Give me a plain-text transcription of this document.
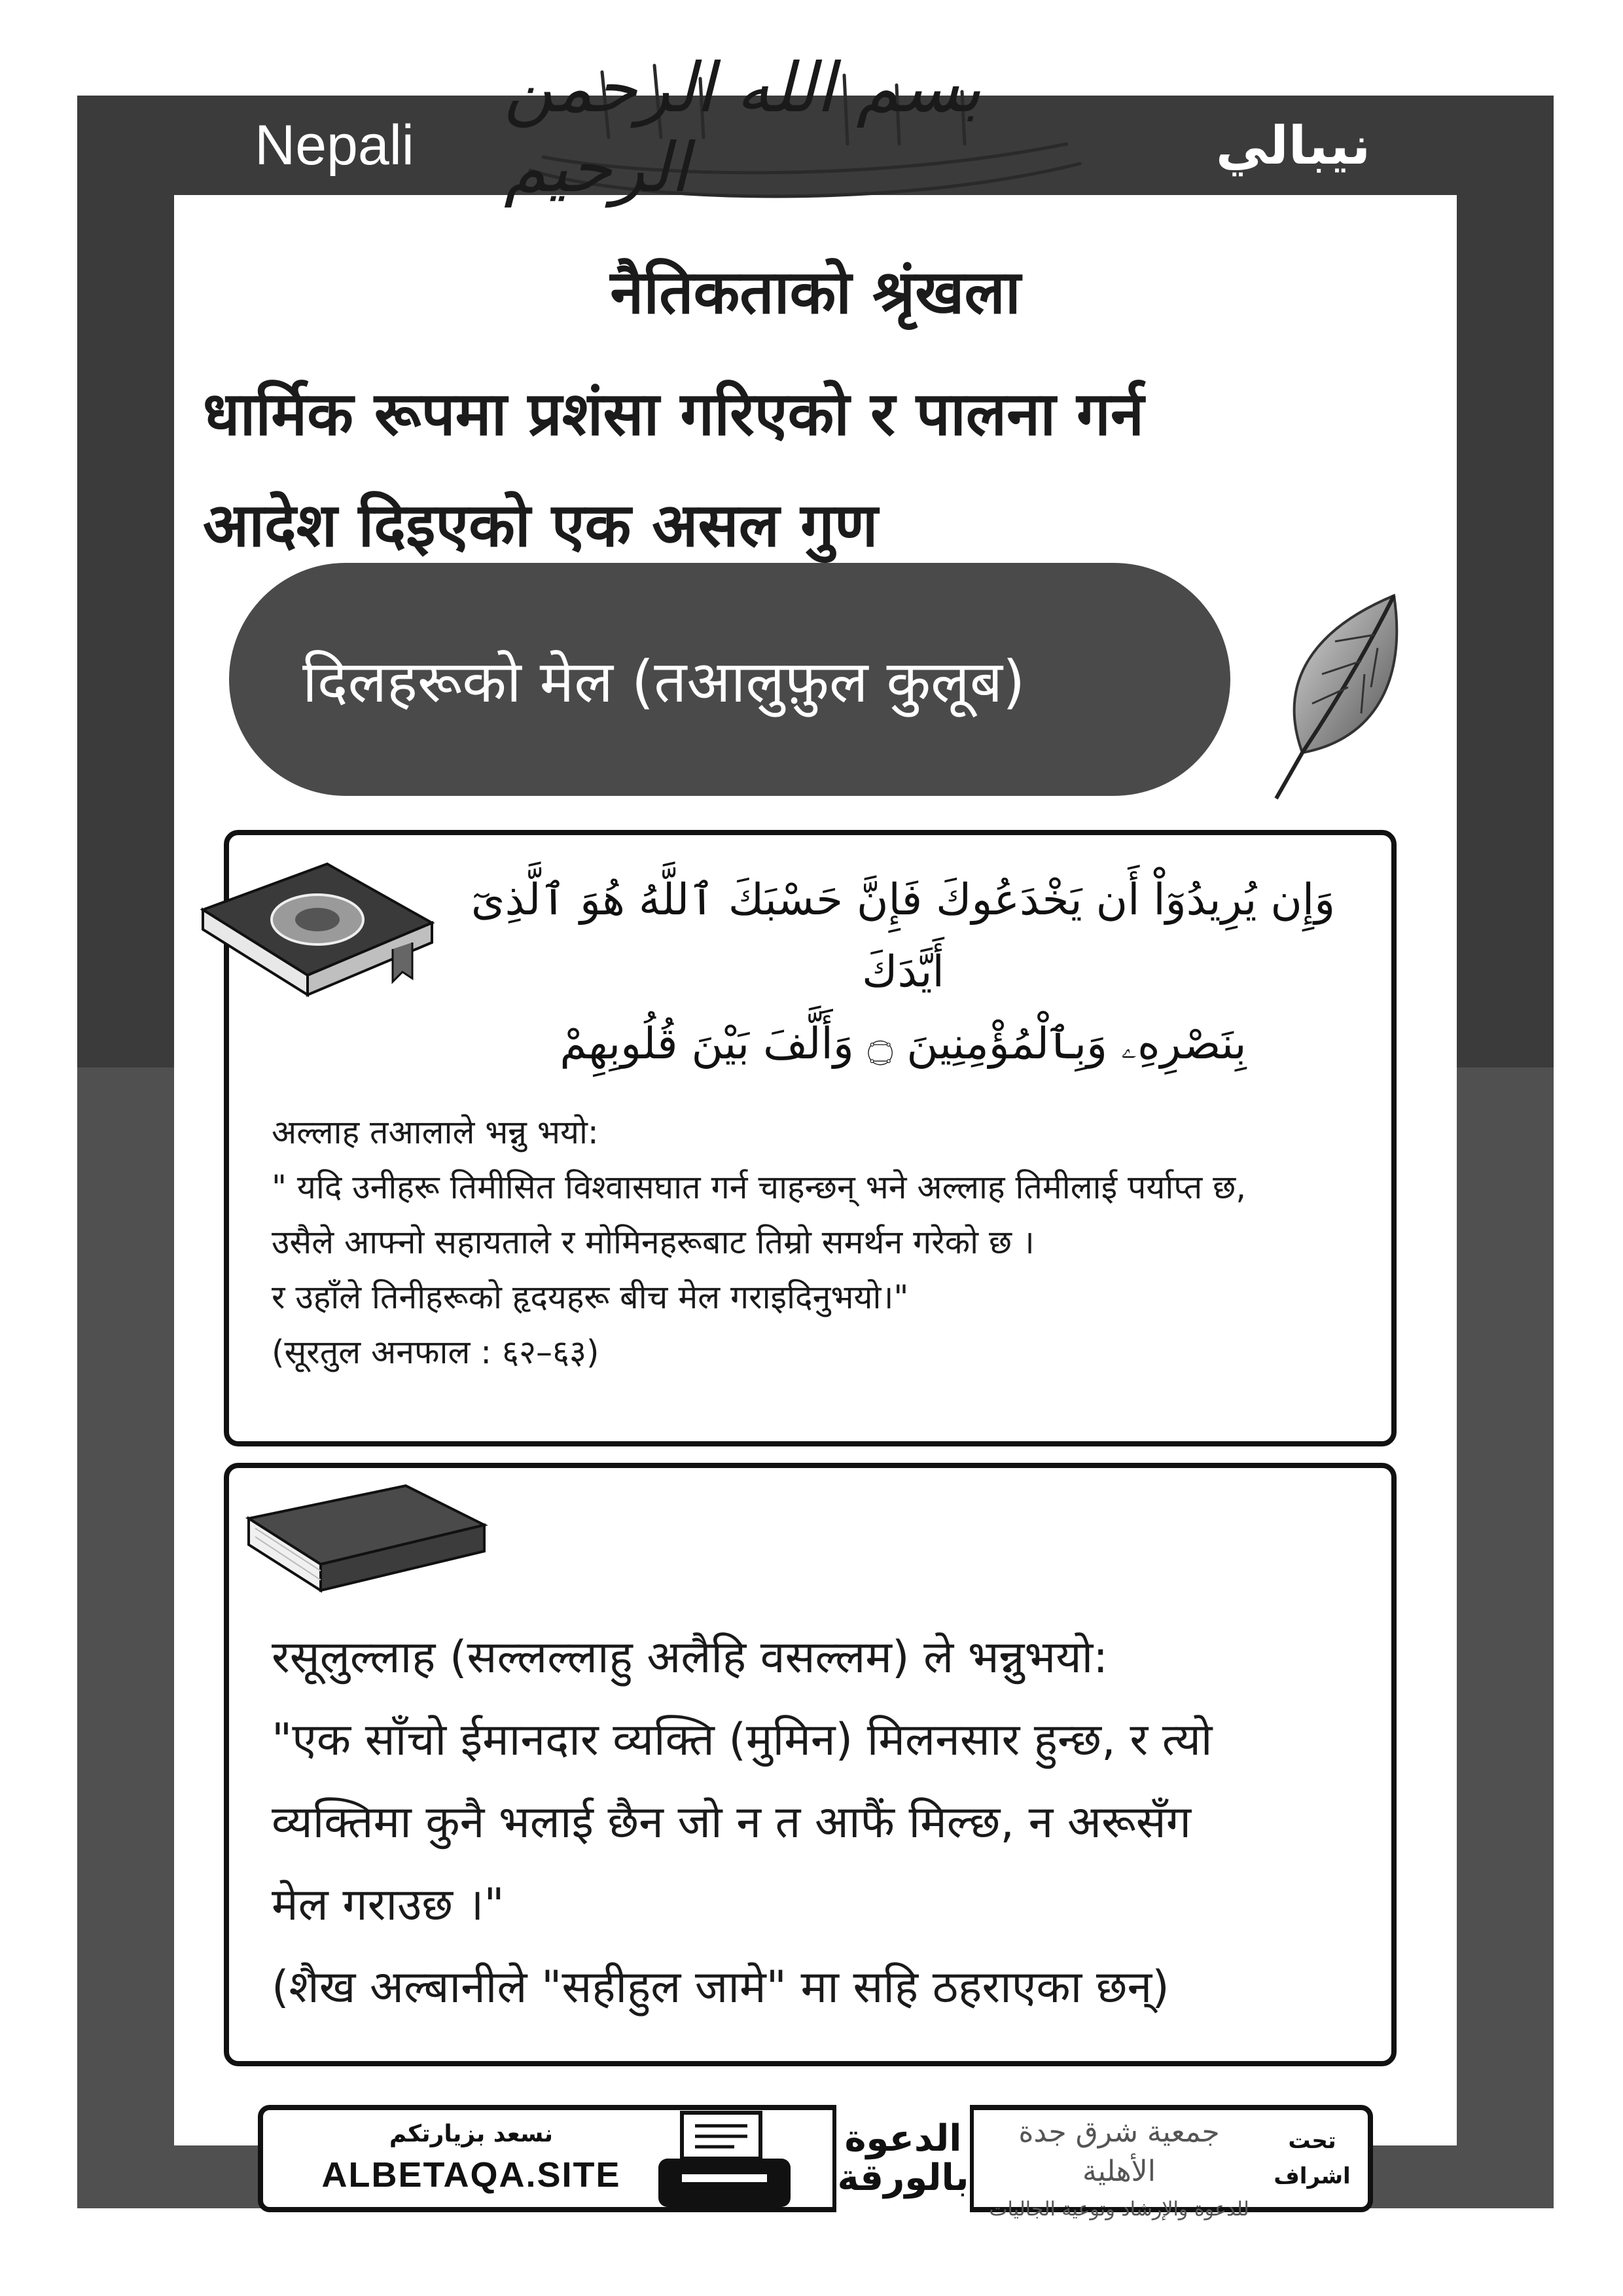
Nepali	نيبالي
بسم الله الرحمن الرحيم
नैतिकताको श्रृंखला
धार्मिक रूपमा प्रशंसा गरिएको र पालना गर्न
आदेश दिइएको एक असल गुण
दिलहरूको मेल (तआलुफ़ुल कुलूब)
وَإِن يُرِيدُوٓاْ أَن يَخْدَعُوكَ فَإِنَّ حَسْبَكَ ٱللَّهُ هُوَ ٱلَّذِىٓ أَيَّدَكَ
بِنَصْرِهِۦ وَبِٱلْمُؤْمِنِينَ ۝ وَأَلَّفَ بَيْنَ قُلُوبِهِمْ
अल्लाह तआलाले भन्नु भयो:
" यदि उनीहरू तिमीसित विश्वासघात गर्न चाहन्छन् भने अल्लाह तिमीलाई पर्याप्त छ,
उसैले आफ्नो सहायताले र मोमिनहरूबाट तिम्रो समर्थन गरेको छ ।
र उहाँले तिनीहरूको हृदयहरू बीच मेल गराइदिनुभयो।"
(सूरतुल अनफाल : ६२–६३)
रसूलुल्लाह (सल्लल्लाहु अलैहि वसल्लम) ले भन्नुभयो:
"एक साँचो ईमानदार व्यक्ति (मुमिन) मिलनसार हुन्छ, र त्यो
व्यक्तिमा कुनै भलाई छैन जो न त आफैं मिल्छ, न अरूसँग
मेल गराउछ ।"
(शैख अल्बानीले "सहीहुल जामे" मा सहि ठहराएका छन्)
نسعد بزيارتكم
ALBETAQA.SITE
الدعوة
بالورقة
جمعية شرق جدة الأهلية
للدعوة والإرشاد وتوعية الجاليات
تحت
اشراف
